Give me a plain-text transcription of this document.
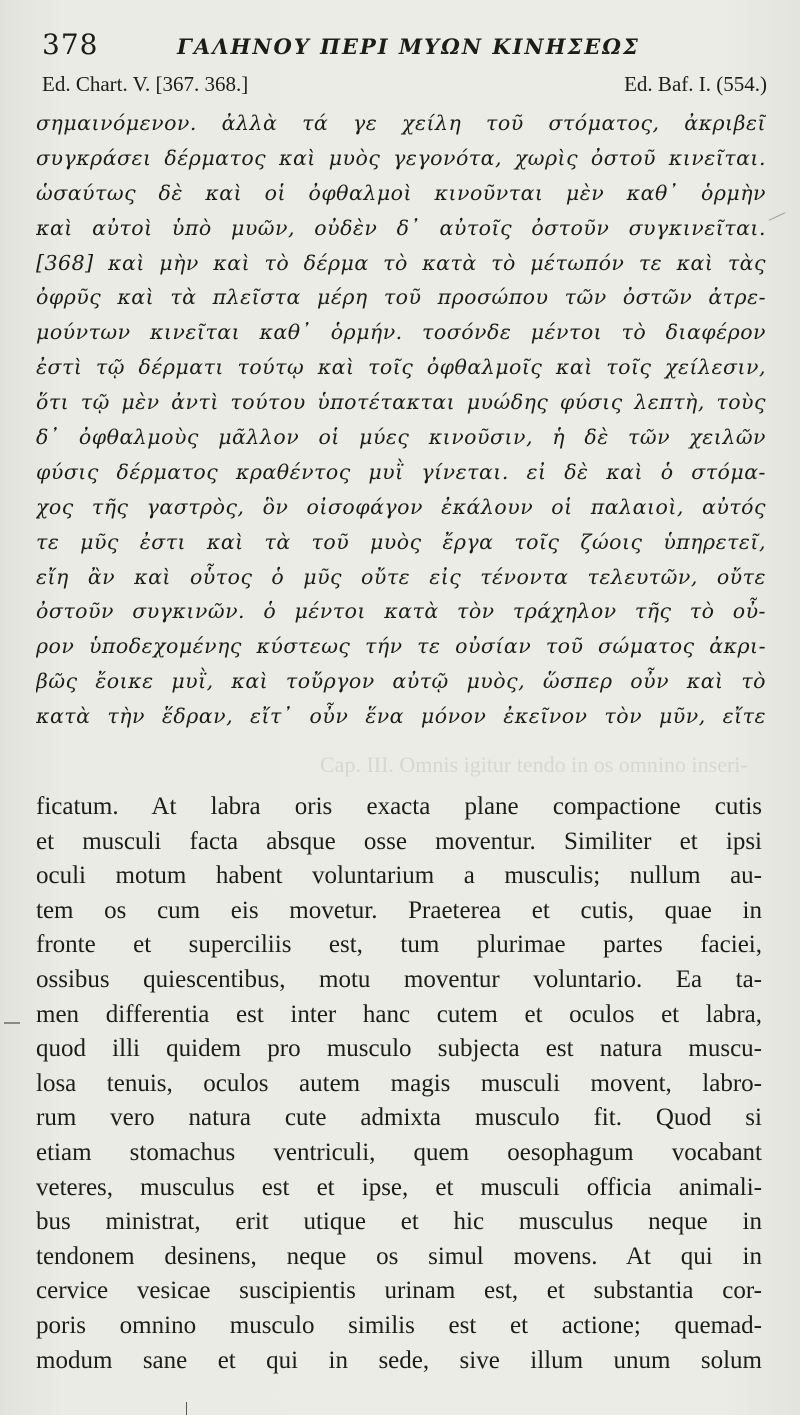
378	ΓΑΛΗΝΟΥ ΠΕΡΙ ΜΥΩΝ ΚΙΝΗΣΕΩΣ
Ed. Chart. V. [367. 368.]	Ed. Baf. I. (554.)
σημαινόμενον. ἀλλὰ τά γε χείλη τοῦ στόματος, ἀκριβεῖ
συγκράσει δέρματος καὶ μυὸς γεγονότα, χωρὶς ὀστοῦ κινεῖται.
ὡσαύτως δὲ καὶ οἱ ὀφθαλμοὶ κινοῦνται μὲν καθ᾽ ὁρμὴν
καὶ αὐτοὶ ὑπὸ μυῶν, οὐδὲν δ᾽ αὐτοῖς ὀστοῦν συγκινεῖται.
[368] καὶ μὴν καὶ τὸ δέρμα τὸ κατὰ τὸ μέτωπόν τε καὶ τὰς
ὀφρῦς καὶ τὰ πλεῖστα μέρη τοῦ προσώπου τῶν ὀστῶν ἀτρε-
μούντων κινεῖται καθ᾽ ὁρμήν. τοσόνδε μέντοι τὸ διαφέρον
ἐστὶ τῷ δέρματι τούτῳ καὶ τοῖς ὀφθαλμοῖς καὶ τοῖς χείλεσιν,
ὅτι τῷ μὲν ἀντὶ τούτου ὑποτέτακται μυώδης φύσις λεπτὴ, τοὺς
δ᾽ ὀφθαλμοὺς μᾶλλον οἱ μύες κινοῦσιν, ἡ δὲ τῶν χειλῶν
φύσις δέρματος κραθέντος μυῒ γίνεται. εἰ δὲ καὶ ὁ στόμα-
χος τῆς γαστρὸς, ὃν οἰσοφάγον ἐκάλουν οἱ παλαιοὶ, αὐτός
τε μῦς ἐστι καὶ τὰ τοῦ μυὸς ἔργα τοῖς ζώοις ὑπηρετεῖ,
εἴη ἂν καὶ οὗτος ὁ μῦς οὔτε εἰς τένοντα τελευτῶν, οὔτε
ὀστοῦν συγκινῶν. ὁ μέντοι κατὰ τὸν τράχηλον τῆς τὸ οὖ-
ρον ὑποδεχομένης κύστεως τήν τε οὐσίαν τοῦ σώματος ἀκρι-
βῶς ἔοικε μυῒ, καὶ τοὔργον αὐτῷ μυὸς, ὥσπερ οὖν καὶ τὸ
κατὰ τὴν ἕδραν, εἴτ᾽ οὖν ἕνα μόνον ἐκεῖνον τὸν μῦν, εἴτε
Cap. III. Omnis igitur tendo in os omnino inseri-
ficatum. At labra oris exacta plane compactione cutis
et musculi facta absque osse moventur. Similiter et ipsi
oculi motum habent voluntarium a musculis; nullum au-
tem os cum eis movetur. Praeterea et cutis, quae in
fronte et superciliis est, tum plurimae partes faciei,
ossibus quiescentibus, motu moventur voluntario. Ea ta-
men differentia est inter hanc cutem et oculos et labra,
quod illi quidem pro musculo subjecta est natura muscu-
losa tenuis, oculos autem magis musculi movent, labro-
rum vero natura cute admixta musculo fit. Quod si
etiam stomachus ventriculi, quem oesophagum vocabant
veteres, musculus est et ipse, et musculi officia animali-
bus ministrat, erit utique et hic musculus neque in
tendonem desinens, neque os simul movens. At qui in
cervice vesicae suscipientis urinam est, et substantia cor-
poris omnino musculo similis est et actione; quemad-
modum sane et qui in sede, sive illum unum solum
